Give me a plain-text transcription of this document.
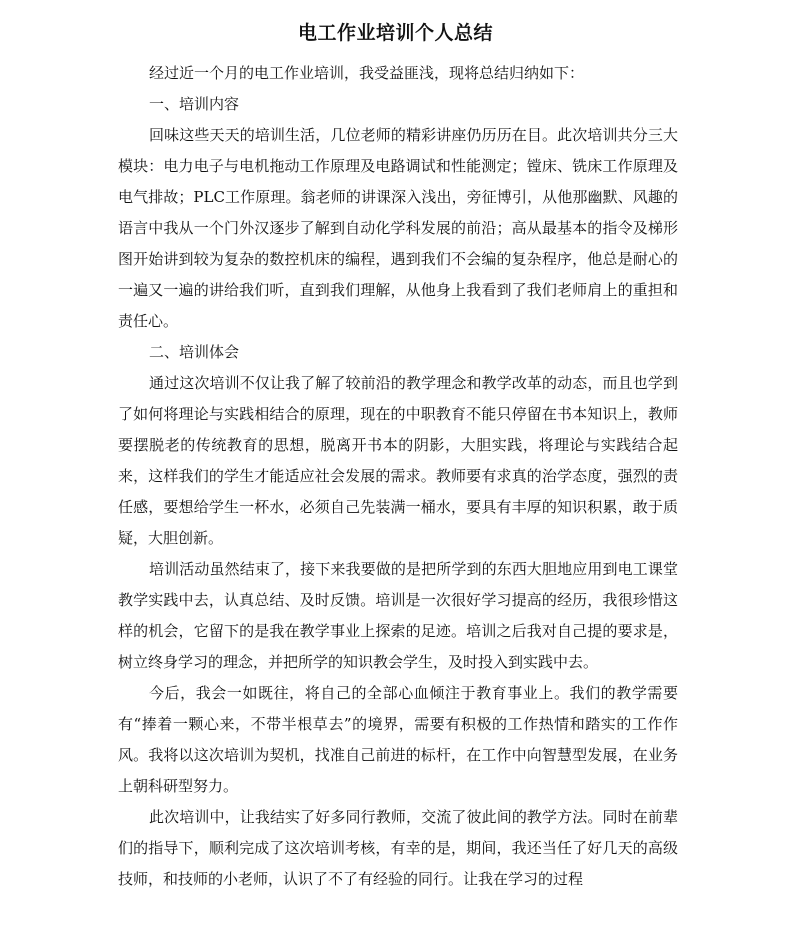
电工作业培训个人总结

经过近一个月的电工作业培训，我受益匪浅，现将总结归纳如下：

一、培训内容

回味这些天天的培训生活，几位老师的精彩讲座仍历历在目。此次培训共分三大模块：电力电子与电机拖动工作原理及电路调试和性能测定；镗床、铣床工作原理及电气排故；PLC工作原理。翁老师的讲课深入浅出，旁征博引，从他那幽默、风趣的语言中我从一个门外汉逐步了解到自动化学科发展的前沿；高从最基本的指令及梯形图开始讲到较为复杂的数控机床的编程，遇到我们不会编的复杂程序，他总是耐心的一遍又一遍的讲给我们听，直到我们理解，从他身上我看到了我们老师肩上的重担和责任心。

二、培训体会

通过这次培训不仅让我了解了较前沿的教学理念和教学改革的动态，而且也学到了如何将理论与实践相结合的原理，现在的中职教育不能只停留在书本知识上，教师要摆脱老的传统教育的思想，脱离开书本的阴影，大胆实践，将理论与实践结合起来，这样我们的学生才能适应社会发展的需求。教师要有求真的治学态度，强烈的责任感，要想给学生一杯水，必须自己先装满一桶水，要具有丰厚的知识积累，敢于质疑，大胆创新。

培训活动虽然结束了，接下来我要做的是把所学到的东西大胆地应用到电工课堂教学实践中去，认真总结、及时反馈。培训是一次很好学习提高的经历，我很珍惜这样的机会，它留下的是我在教学事业上探索的足迹。培训之后我对自己提的要求是，树立终身学习的理念，并把所学的知识教会学生，及时投入到实践中去。

今后，我会一如既往，将自己的全部心血倾注于教育事业上。我们的教学需要有“捧着一颗心来，不带半根草去”的境界，需要有积极的工作热情和踏实的工作作风。我将以这次培训为契机，找准自己前进的标杆，在工作中向智慧型发展，在业务上朝科研型努力。

此次培训中，让我结实了好多同行教师，交流了彼此间的教学方法。同时在前辈们的指导下，顺利完成了这次培训考核，有幸的是，期间，我还当任了好几天的高级技师，和技师的小老师，认识了不了有经验的同行。让我在学习的过程
